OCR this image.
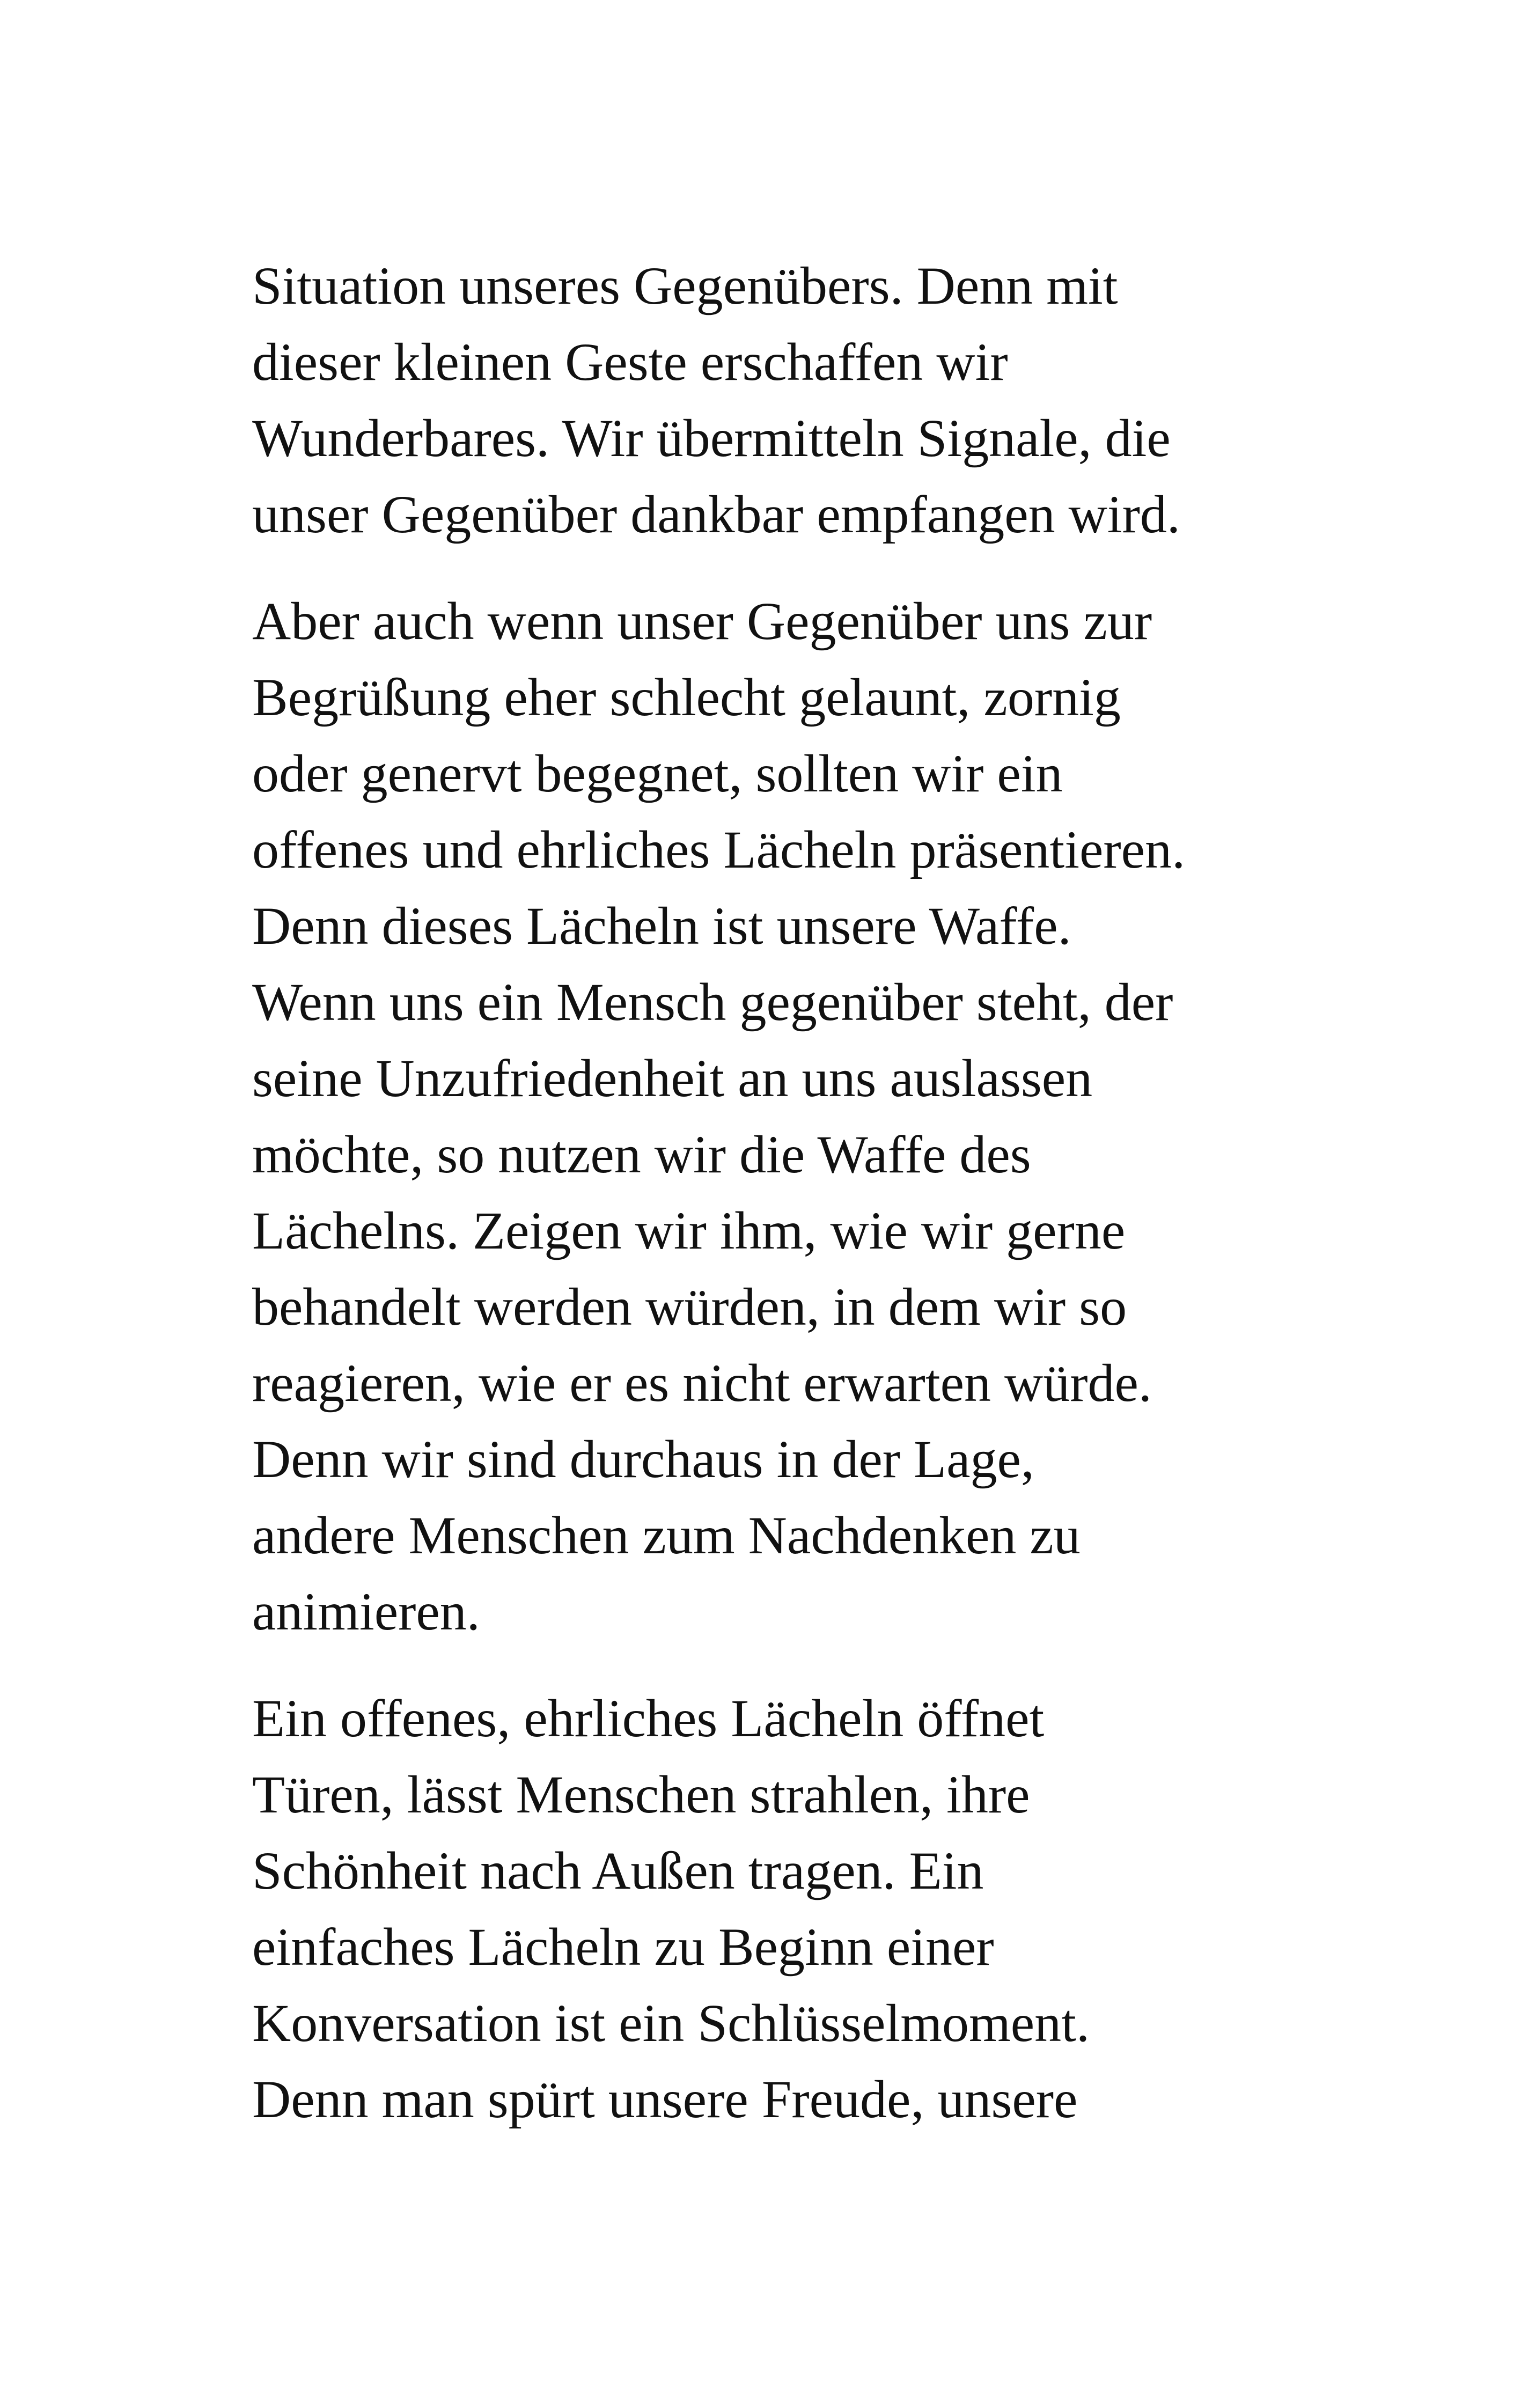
Situation unseres Gegenübers. Denn mit
dieser kleinen Geste erschaffen wir
Wunderbares. Wir übermitteln Signale, die
unser Gegenüber dankbar empfangen wird.

Aber auch wenn unser Gegenüber uns zur
Begrüßung eher schlecht gelaunt, zornig
oder genervt begegnet, sollten wir ein
offenes und ehrliches Lächeln präsentieren.
Denn dieses Lächeln ist unsere Waffe.
Wenn uns ein Mensch gegenüber steht, der
seine Unzufriedenheit an uns auslassen
möchte, so nutzen wir die Waffe des
Lächelns. Zeigen wir ihm, wie wir gerne
behandelt werden würden, in dem wir so
reagieren, wie er es nicht erwarten würde.
Denn wir sind durchaus in der Lage,
andere Menschen zum Nachdenken zu
animieren.

Ein offenes, ehrliches Lächeln öffnet
Türen, lässt Menschen strahlen, ihre
Schönheit nach Außen tragen. Ein
einfaches Lächeln zu Beginn einer
Konversation ist ein Schlüsselmoment.
Denn man spürt unsere Freude, unsere
